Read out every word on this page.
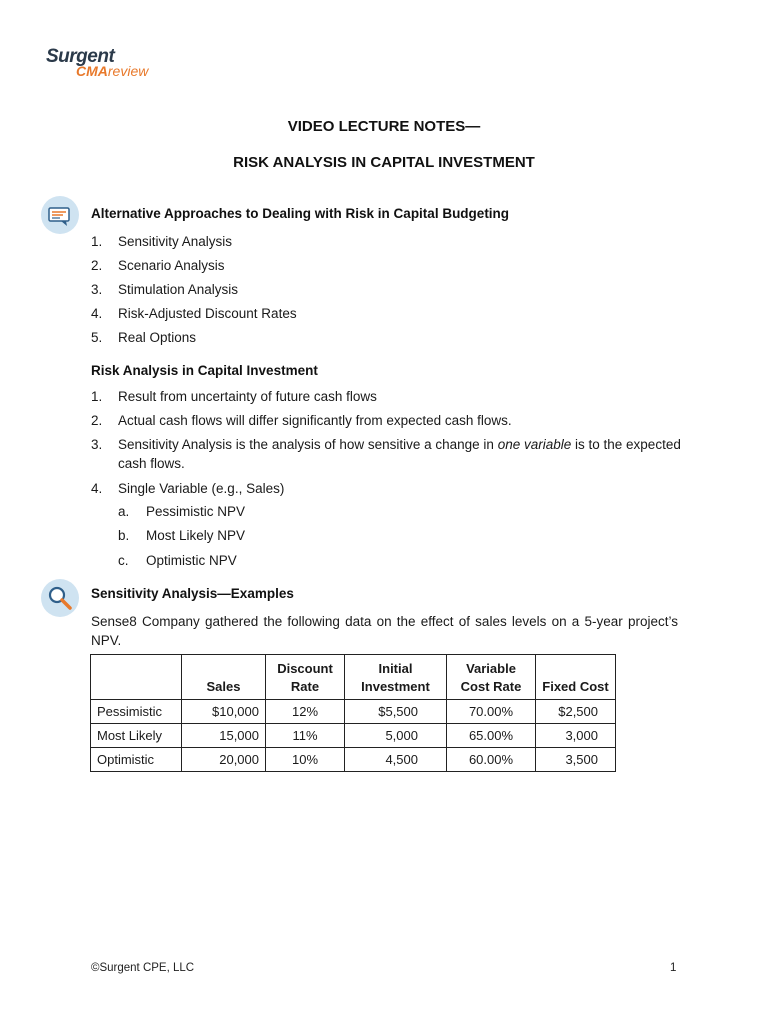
Surgent
CMAreview
VIDEO LECTURE NOTES—
RISK ANALYSIS IN CAPITAL INVESTMENT
Alternative Approaches to Dealing with Risk in Capital Budgeting
1. Sensitivity Analysis
2. Scenario Analysis
3. Stimulation Analysis
4. Risk-Adjusted Discount Rates
5. Real Options
Risk Analysis in Capital Investment
1. Result from uncertainty of future cash flows
2. Actual cash flows will differ significantly from expected cash flows.
3. Sensitivity Analysis is the analysis of how sensitive a change in one variable is to the expected cash flows.
4. Single Variable (e.g., Sales)
a. Pessimistic NPV
b. Most Likely NPV
c. Optimistic NPV
Sensitivity Analysis—Examples
Sense8 Company gathered the following data on the effect of sales levels on a 5-year project’s NPV.
	Sales	Discount Rate	Initial Investment	Variable Cost Rate	Fixed Cost
Pessimistic	$10,000	12%	$5,500	70.00%	$2,500
Most Likely	15,000	11%	5,000	65.00%	3,000
Optimistic	20,000	10%	4,500	60.00%	3,500
©Surgent CPE, LLC	1
